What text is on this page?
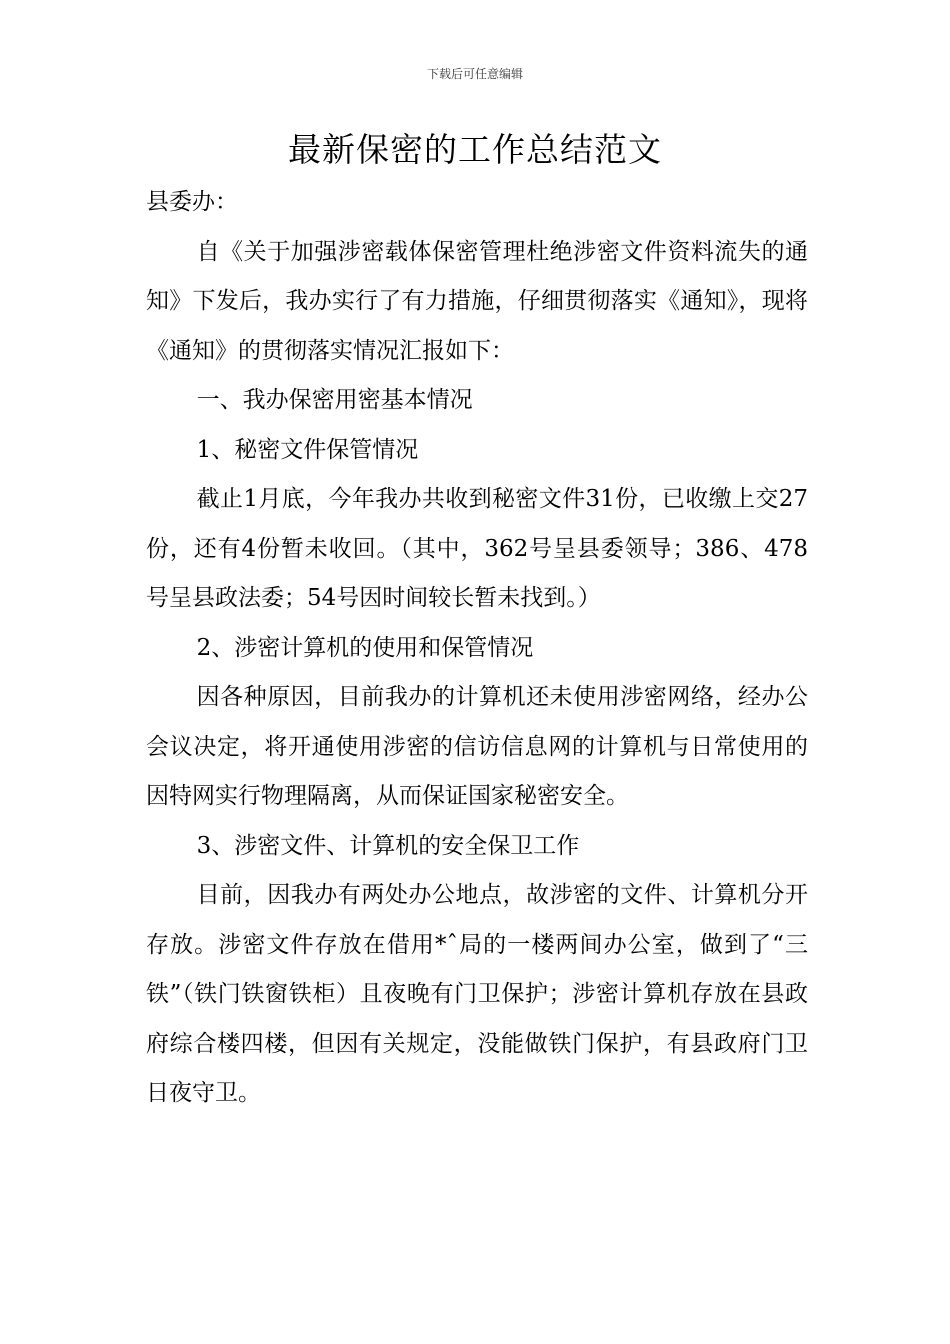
下载后可任意编辑
最新保密的工作总结范文

县委办：

自《关于加强涉密载体保密管理杜绝涉密文件资料流失的通知》下发后，我办实行了有力措施，仔细贯彻落实《通知》，现将《通知》的贯彻落实情况汇报如下：

一、我办保密用密基本情况

1、秘密文件保管情况

截止1月底，今年我办共收到秘密文件31份，已收缴上交27份，还有4份暂未收回。（其中，362号呈县委领导；386、478号呈县政法委；54号因时间较长暂未找到。）

2、涉密计算机的使用和保管情况

因各种原因，目前我办的计算机还未使用涉密网络，经办公会议决定，将开通使用涉密的信访信息网的计算机与日常使用的因特网实行物理隔离，从而保证国家秘密安全。

3、涉密文件、计算机的安全保卫工作

目前，因我办有两处办公地点，故涉密的文件、计算机分开存放。涉密文件存放在借用*ˆ局的一楼两间办公室，做到了“三铁”（铁门铁窗铁柜）且夜晚有门卫保护；涉密计算机存放在县政府综合楼四楼，但因有关规定，没能做铁门保护，有县政府门卫日夜守卫。
